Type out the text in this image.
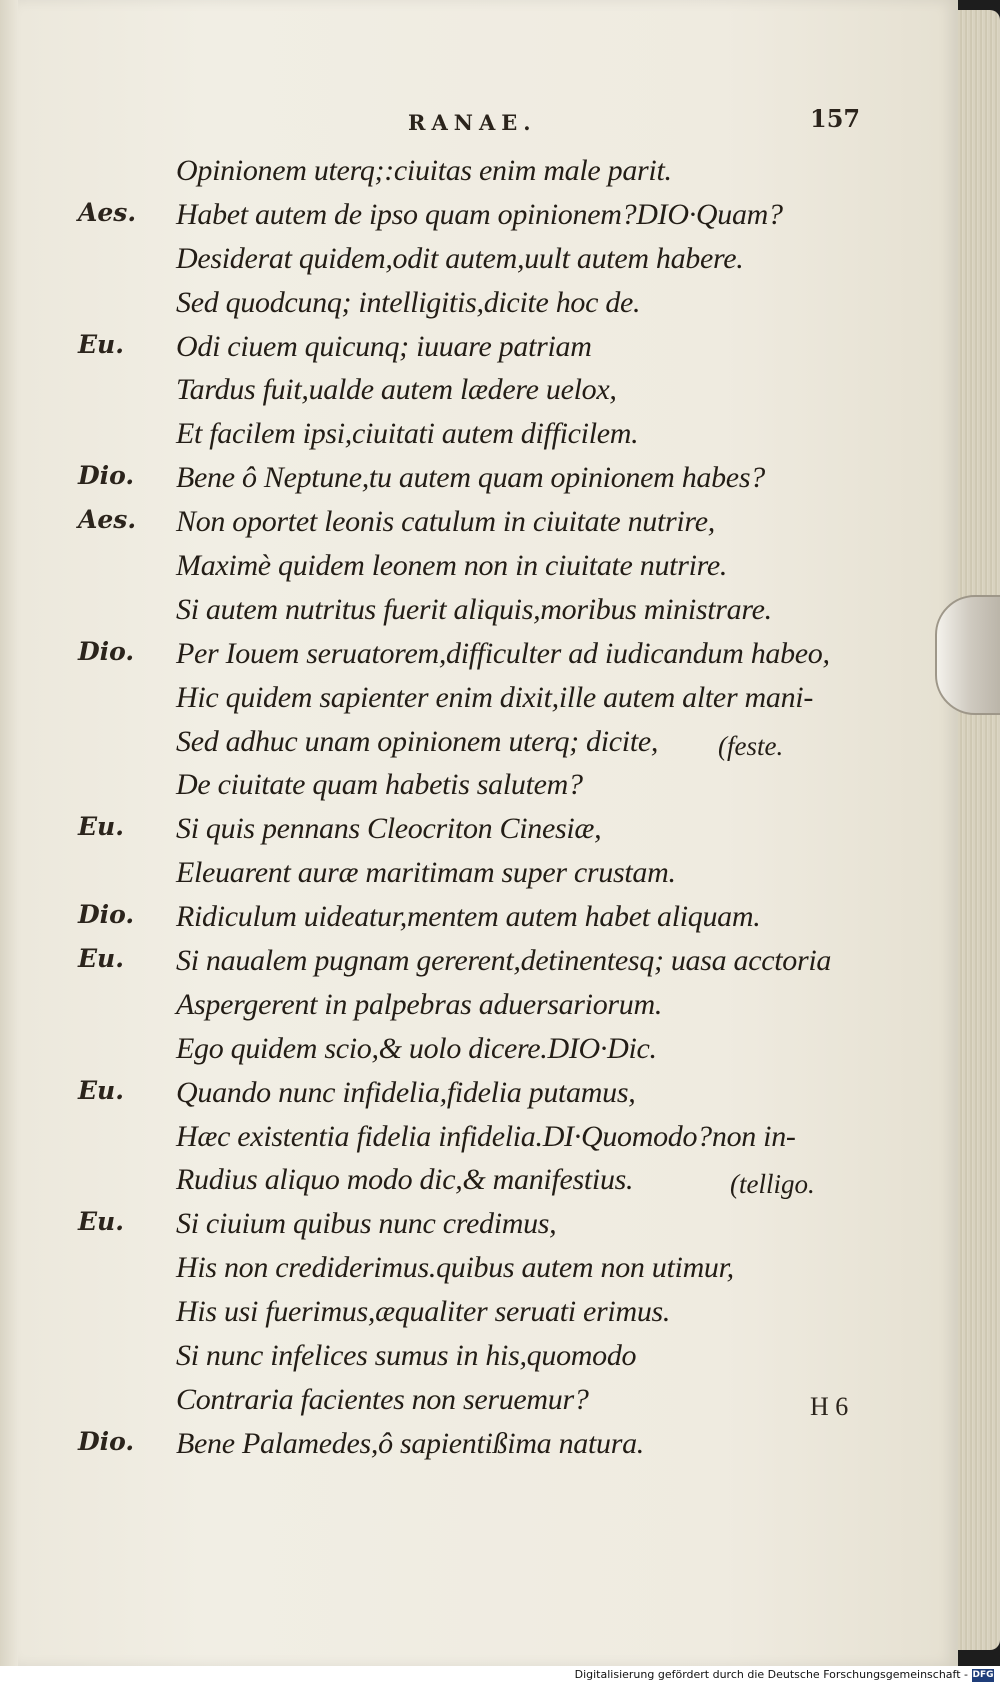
RANAE.	157
Opinionem uterq;:ciuitas enim male parit.
Aes.	Habet autem de ipso quam opinionem?DIO·Quam?
Desiderat quidem,odit autem,uult autem habere.
Sed quodcunq; intelligitis,dicite hoc de.
Eu.	Odi ciuem quicunq; iuuare patriam
Tardus fuit,ualde autem lædere uelox,
Et facilem ipsi,ciuitati autem difficilem.
Dio.	Bene ô Neptune,tu autem quam opinionem habes?
Aes.	Non oportet leonis catulum in ciuitate nutrire,
Maximè quidem leonem non in ciuitate nutrire.
Si autem nutritus fuerit aliquis,moribus ministrare.
Dio.	Per Iouem seruatorem,difficulter ad iudicandum habeo,
Hic quidem sapienter enim dixit,ille autem alter mani-
Sed adhuc unam opinionem uterq; dicite, (feste.
De ciuitate quam habetis salutem?
Eu.	Si quis pennans Cleocriton Cinesiæ,
Eleuarent auræ maritimam super crustam.
Dio.	Ridiculum uideatur,mentem autem habet aliquam.
Eu.	Si naualem pugnam gererent,detinentesq; uasa acctoria
Aspergerent in palpebras aduersariorum.
Ego quidem scio,& uolo dicere.DIO·Dic.
Eu.	Quando nunc infidelia,fidelia putamus,
Hæc existentia fidelia infidelia.DI·Quomodo?non in-
Rudius aliquo modo dic,& manifestius.	(telligo.
Eu.	Si ciuium quibus nunc credimus,
His non crediderimus.quibus autem non utimur,
His usi fuerimus,æqualiter seruati erimus.
Si nunc infelices sumus in his,quomodo
Contraria facientes non seruemur?
Dio.	Bene Palamedes,ô sapientißima natura.
H 6
Digitalisierung gefördert durch die Deutsche Forschungsgemeinschaft - DFG
